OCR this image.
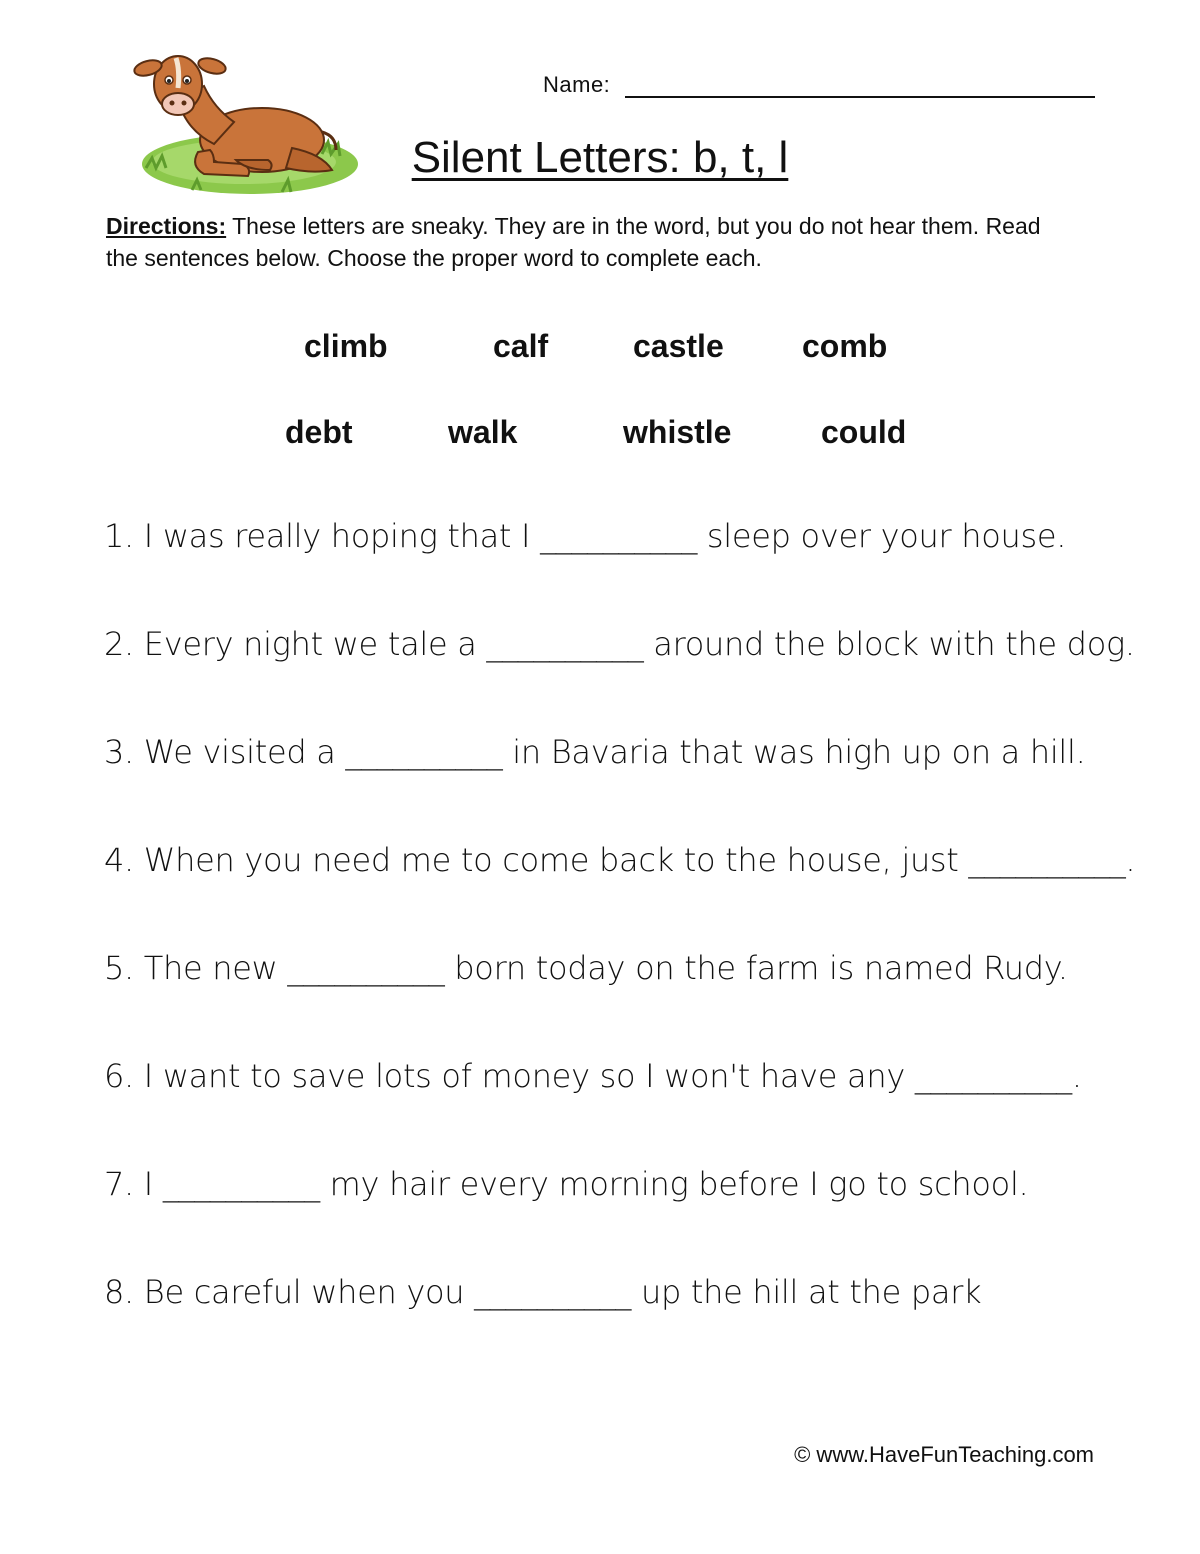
Name:
Silent Letters: b, t, l
Directions: These letters are sneaky. They are in the word, but you do not hear them. Read the sentences below. Choose the proper word to complete each.
climb	calf	castle comb
debt	walk	whistle	could
1. I was really hoping that I __________ sleep over your house.
2. Every night we tale a __________ around the block with the dog.
3. We visited a __________ in Bavaria that was high up on a hill.
4. When you need me to come back to the house, just __________.
5. The new __________ born today on the farm is named Rudy.
6. I want to save lots of money so I won't have any __________.
7. I __________ my hair every morning before I go to school.
8. Be careful when you __________ up the hill at the park
© www.HaveFunTeaching.com
